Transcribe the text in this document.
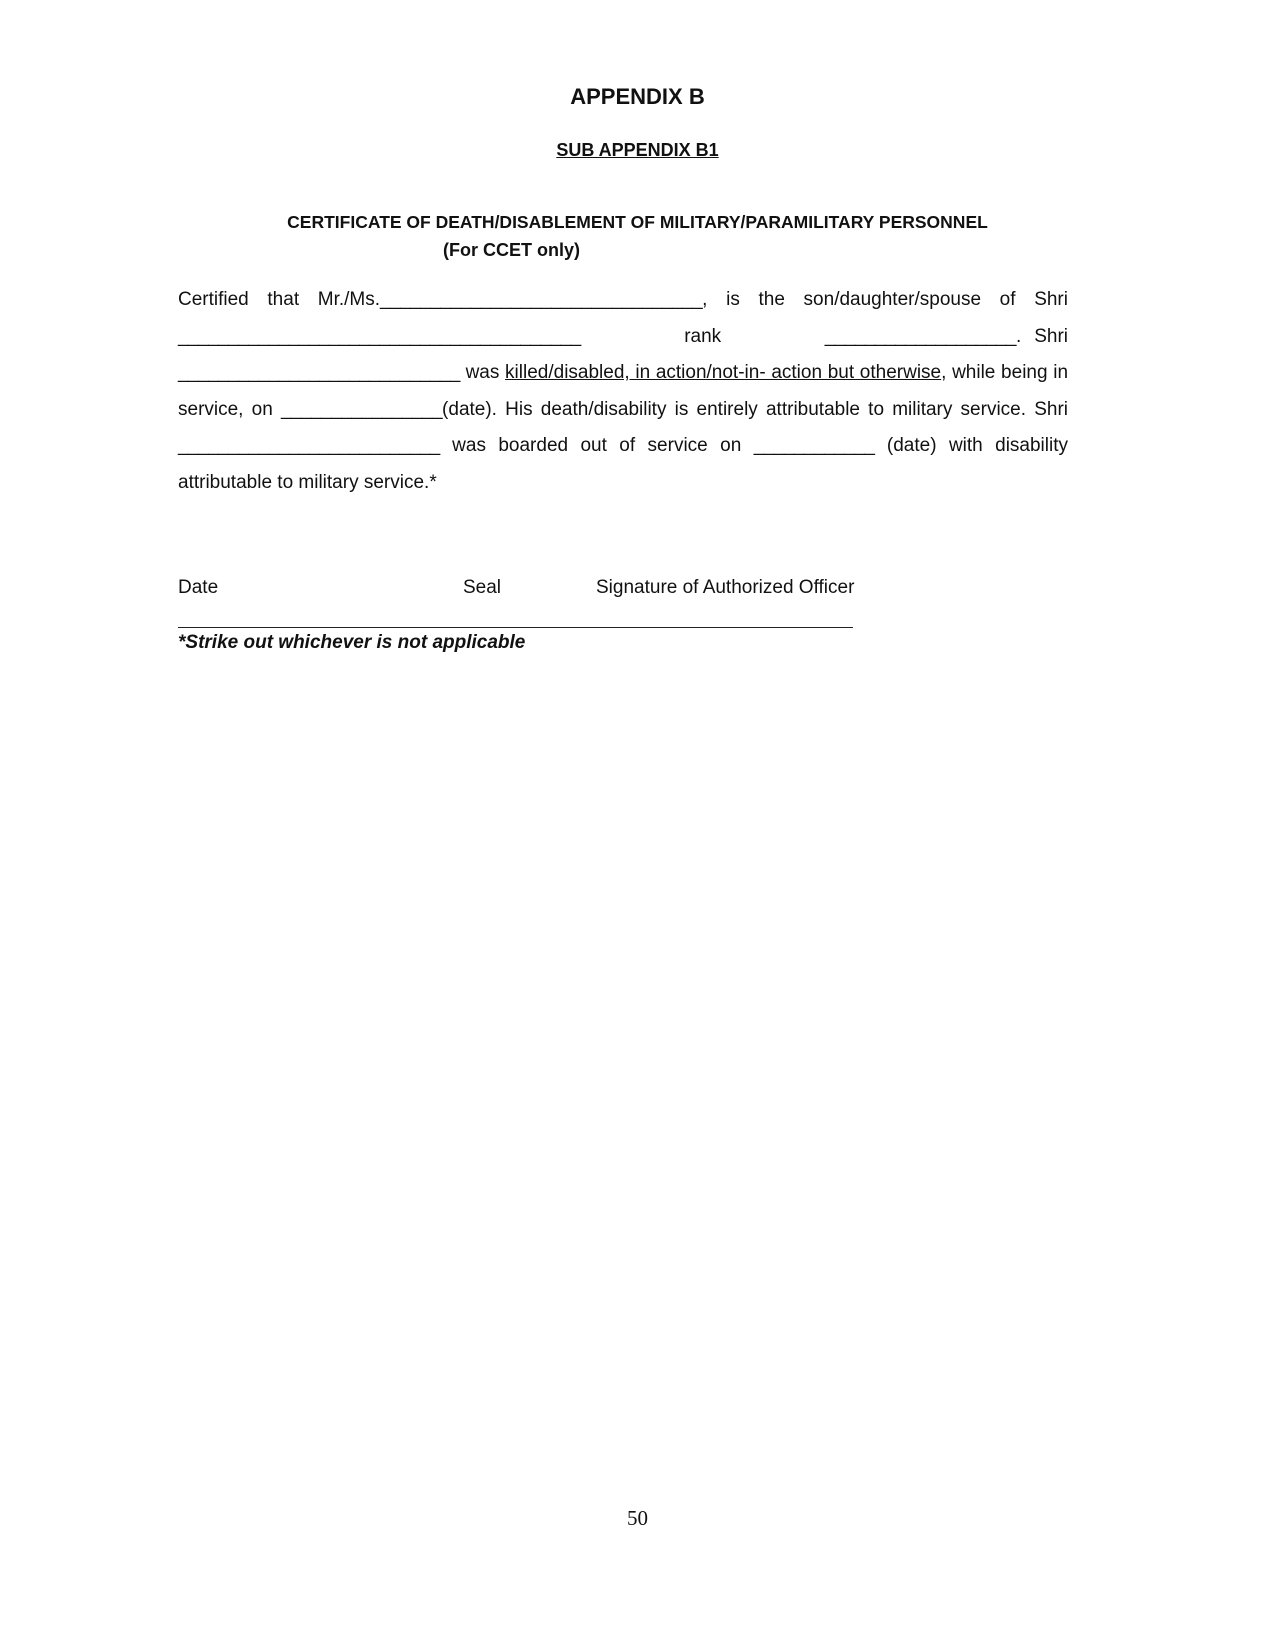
APPENDIX B
SUB APPENDIX B1
CERTIFICATE OF DEATH/DISABLEMENT OF MILITARY/PARAMILITARY PERSONNEL
(For CCET only)
Certified that Mr./Ms.________________________________, is the son/daughter/spouse of Shri ________________________________________	rank	___________________. Shri ____________________________ was killed/disabled, in action/not-in- action but otherwise, while being in service, on ________________(date). His death/disability is entirely attributable to military service. Shri __________________________ was boarded out of service on ____________ (date) with disability attributable to military service.*
Date	Seal	Signature of Authorized Officer
*Strike out whichever is not applicable
50
